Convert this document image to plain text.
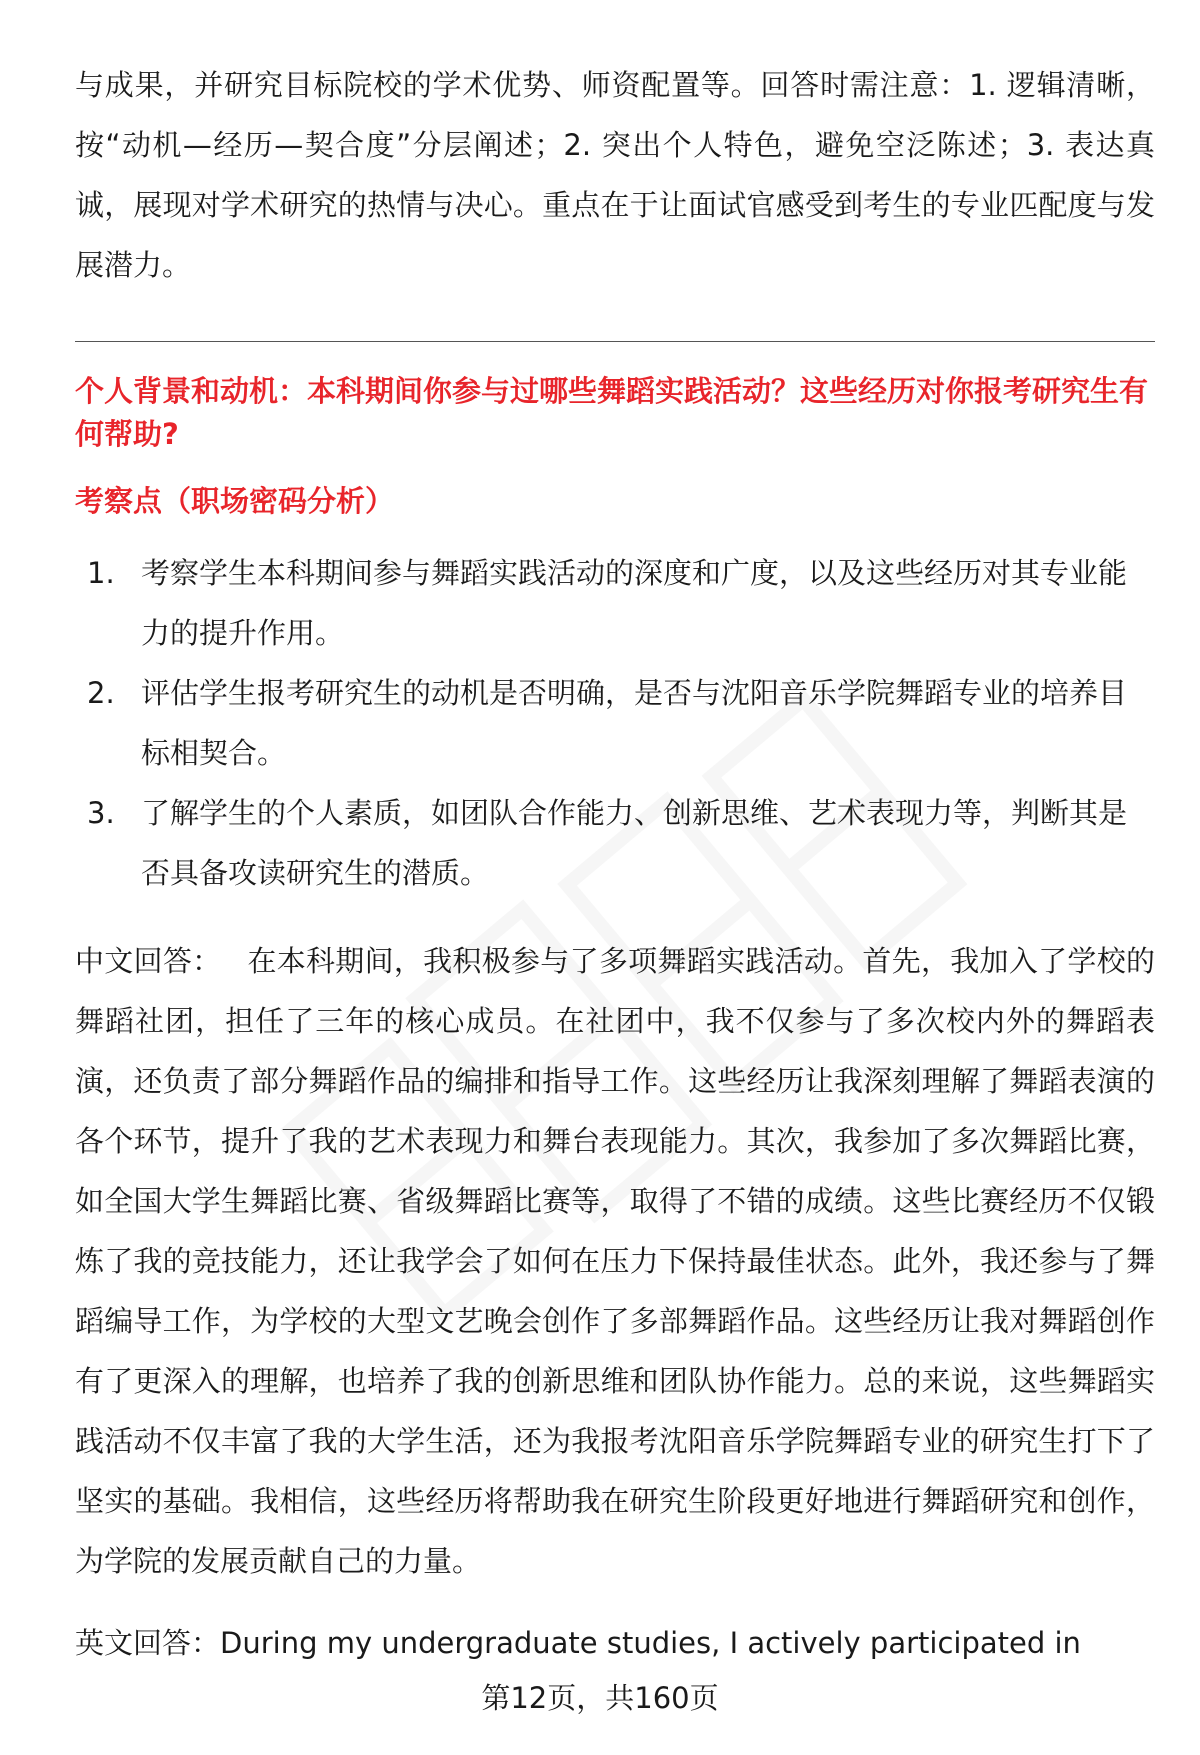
与成果，并研究目标院校的学术优势、师资配置等。回答时需注意：1. 逻辑清晰，按“动机—经历—契合度”分层阐述；2. 突出个人特色，避免空泛陈述；3. 表达真诚，展现对学术研究的热情与决心。重点在于让面试官感受到考生的专业匹配度与发展潜力。

个人背景和动机：本科期间你参与过哪些舞蹈实践活动？这些经历对你报考研究生有何帮助?

考察点（职场密码分析）

1. 考察学生本科期间参与舞蹈实践活动的深度和广度，以及这些经历对其专业能力的提升作用。
2. 评估学生报考研究生的动机是否明确，是否与沈阳音乐学院舞蹈专业的培养目标相契合。
3. 了解学生的个人素质，如团队合作能力、创新思维、艺术表现力等，判断其是否具备攻读研究生的潜质。

中文回答： 在本科期间，我积极参与了多项舞蹈实践活动。首先，我加入了学校的舞蹈社团，担任了三年的核心成员。在社团中，我不仅参与了多次校内外的舞蹈表演，还负责了部分舞蹈作品的编排和指导工作。这些经历让我深刻理解了舞蹈表演的各个环节，提升了我的艺术表现力和舞台表现能力。其次，我参加了多次舞蹈比赛，如全国大学生舞蹈比赛、省级舞蹈比赛等，取得了不错的成绩。这些比赛经历不仅锻炼了我的竞技能力，还让我学会了如何在压力下保持最佳状态。此外，我还参与了舞蹈编导工作，为学校的大型文艺晚会创作了多部舞蹈作品。这些经历让我对舞蹈创作有了更深入的理解，也培养了我的创新思维和团队协作能力。总的来说，这些舞蹈实践活动不仅丰富了我的大学生活，还为我报考沈阳音乐学院舞蹈专业的研究生打下了坚实的基础。我相信，这些经历将帮助我在研究生阶段更好地进行舞蹈研究和创作，为学院的发展贡献自己的力量。

英文回答：During my undergraduate studies, I actively participated in

第12页，共160页
